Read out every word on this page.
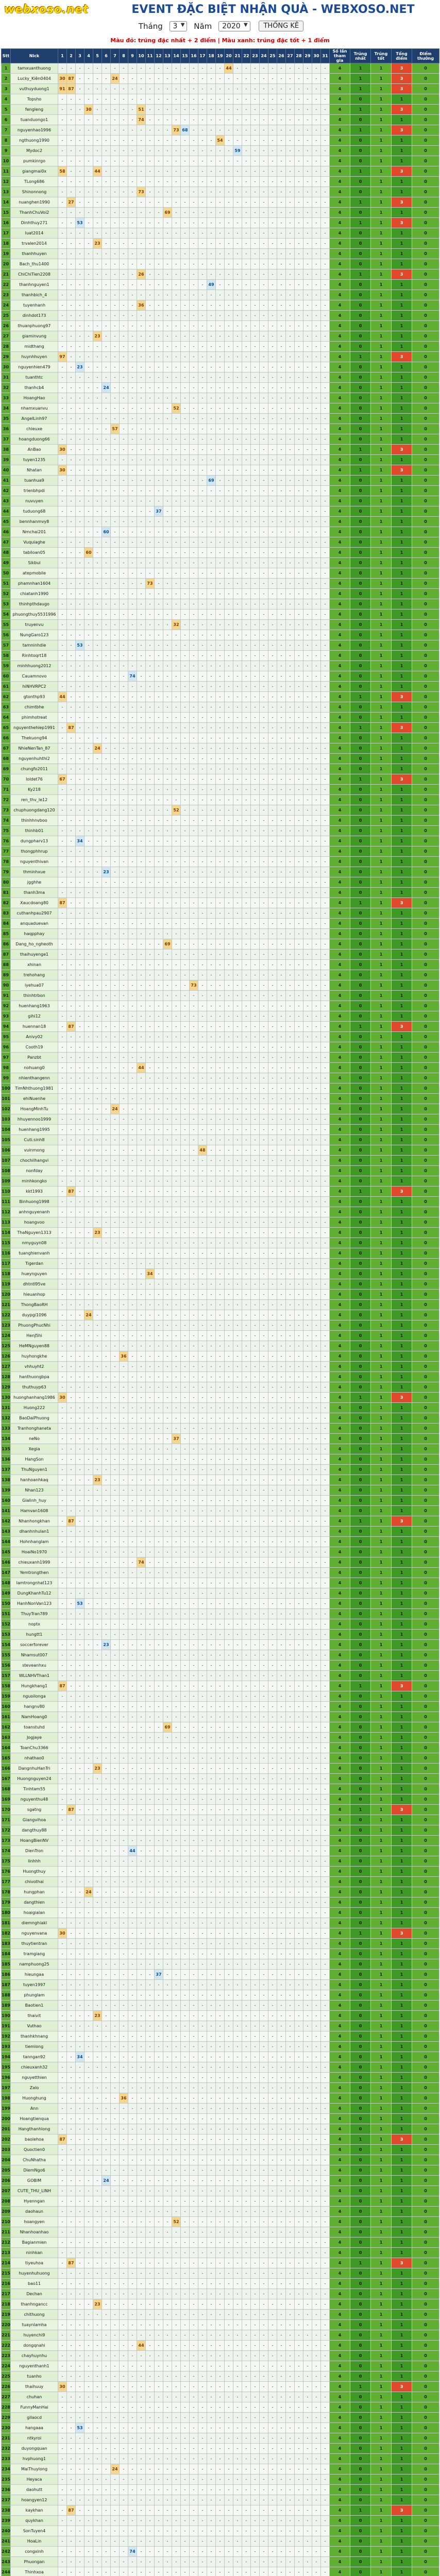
webxoso.net	EVENT ĐẶC BIỆT NHẬN QUÀ - WEBXOSO.NET
Tháng 3 ▼ Năm 2020 ▼ THỐNG KÊ
Màu đỏ: trúng đặc nhất + 2 điểm | Màu xanh: trúng đặc tốt + 1 điểm
Stt	Nick	1	2	3	4	5	6	7	8	9	10	11	12	13	14	15	16	17	18	19	20	21	22	23	24	25	26	27	28	29	30	31	Số lần tham gia	Trúng nhất	Trúng tốt	Tổng điểm	Điểm thưởng
1	tamxuanthuong	-	-	-	-	-	-	-	-	-	-	-	-	-	-	-	-	-	-	-	44	-	-	-	-	-	-	-	-	-	-	-	4	1	1	3	0
2	Lucky_Kiên0404	30	87	-	-	-	-	24	-	-	-	-	-	-	-	-	-	-	-	-	-	-	-	-	-	-	-	-	-	-	-	-	4	1	1	3	0
3	vuthuyduong1	91	87	-	-	-	-	-	-	-	-	-	-	-	-	-	-	-	-	-	-	-	-	-	-	-	-	-	-	-	-	-	4	1	1	3	0
4	Topsho	-	-	-	-	-	-	-	-	-	-	-	-	-	-	-	-	-	-	-	-	-	-	-	-	-	-	-	-	-	-	-	4	0	1	1	0
5	fengleng	-	-	-	30	-	-	-	-	-	51	-	-	-	-	-	-	-	-	-	-	-	-	-	-	-	-	-	-	-	-	-	4	1	1	3	0
6	tuanduongo1	-	-	-	-	-	-	-	-	-	74	-	-	-	-	-	-	-	-	-	-	-	-	-	-	-	-	-	-	-	-	-	4	0	1	1	0
7	nguyenhao1996	-	-	-	-	-	-	-	-	-	-	-	-	-	73	68	-	-	-	-	-	-	-	-	-	-	-	-	-	-	-	-	4	1	1	3	0
8	ngthuong1990	-	-	-	-	-	-	-	-	-	-	-	-	-	-	-	-	-	-	54	-	-	-	-	-	-	-	-	-	-	-	-	4	0	1	1	0
9	Mydoc2	-	-	-	-	-	-	-	-	-	-	-	-	-	-	-	-	-	-	-	-	59	-	-	-	-	-	-	-	-	-	-	4	0	1	1	0
10	pumkinrgo	-	-	-	-	-	-	-	-	-	-	-	-	-	-	-	-	-	-	-	-	-	-	-	-	-	-	-	-	-	-	-	4	0	1	1	0
11	giangmai0x	58	-	-	-	44	-	-	-	-	-	-	-	-	-	-	-	-	-	-	-	-	-	-	-	-	-	-	-	-	-	-	4	1	1	3	0
12	TLong686	-	-	-	-	-	-	-	-	-	-	-	-	-	-	-	-	-	-	-	-	-	-	-	-	-	-	-	-	-	-	-	4	0	1	1	0
13	Shinonnong	-	-	-	-	-	-	-	-	-	73	-	-	-	-	-	-	-	-	-	-	-	-	-	-	-	-	-	-	-	-	-	4	0	1	1	0
14	nuanghen1990	-	27	-	-	-	-	-	-	-	-	-	-	-	-	-	-	-	-	-	-	-	-	-	-	-	-	-	-	-	-	-	4	1	1	3	0
15	ThanhChuVoi2	-	-	-	-	-	-	-	-	-	-	-	-	69	-	-	-	-	-	-	-	-	-	-	-	-	-	-	-	-	-	-	4	0	1	1	0
16	Dinhthuy271	-	-	53	-	-	-	-	-	-	-	-	-	-	-	-	-	-	-	-	-	-	-	-	-	-	-	-	-	-	-	-	4	1	1	3	0
17	luat2014	-	-	-	-	-	-	-	-	-	-	-	-	-	-	-	-	-	-	-	-	-	-	-	-	-	-	-	-	-	-	-	4	0	1	1	0
18	trvalen2014	-	-	-	-	23	-	-	-	-	-	-	-	-	-	-	-	-	-	-	-	-	-	-	-	-	-	-	-	-	-	-	4	0	1	1	0
19	thanhhuyen	-	-	-	-	-	-	-	-	-	-	-	-	-	-	-	-	-	-	-	-	-	-	-	-	-	-	-	-	-	-	-	4	0	1	1	0
20	Bach_thu1400	-	-	-	-	-	-	-	-	-	-	-	-	-	-	-	-	-	-	-	-	-	-	-	-	-	-	-	-	-	-	-	4	0	1	1	0
21	ChiChiTien2208	-	-	-	-	-	-	-	-	-	26	-	-	-	-	-	-	-	-	-	-	-	-	-	-	-	-	-	-	-	-	-	4	1	1	3	0
22	thanhnguyen1	-	-	-	-	-	-	-	-	-	-	-	-	-	-	-	-	-	49	-	-	-	-	-	-	-	-	-	-	-	-	-	4	0	1	1	0
23	thanhbich_4	-	-	-	-	-	-	-	-	-	-	-	-	-	-	-	-	-	-	-	-	-	-	-	-	-	-	-	-	-	-	-	4	0	1	1	0
24	tuyenhanh	-	-	-	-	-	-	-	-	-	36	-	-	-	-	-	-	-	-	-	-	-	-	-	-	-	-	-	-	-	-	-	4	0	1	1	0
25	dinhdot173	-	-	-	-	-	-	-	-	-	-	-	-	-	-	-	-	-	-	-	-	-	-	-	-	-	-	-	-	-	-	-	4	0	1	1	0
26	thuanphuong97	-	-	-	-	-	-	-	-	-	-	-	-	-	-	-	-	-	-	-	-	-	-	-	-	-	-	-	-	-	-	-	4	0	1	1	0
27	giaminvung	-	-	-	-	23	-	-	-	-	-	-	-	-	-	-	-	-	-	-	-	-	-	-	-	-	-	-	-	-	-	-	4	0	1	1	0
28	midthang	-	-	-	-	-	-	-	-	-	-	-	-	-	-	-	-	-	-	-	-	-	-	-	-	-	-	-	-	-	-	-	4	0	1	1	0
29	huynhhuyen	97	-	-	-	-	-	-	-	-	-	-	-	-	-	-	-	-	-	-	-	-	-	-	-	-	-	-	-	-	-	-	4	1	1	3	0
30	nguyenhien479	-	-	23	-	-	-	-	-	-	-	-	-	-	-	-	-	-	-	-	-	-	-	-	-	-	-	-	-	-	-	-	4	0	1	1	0
31	tuanthtc	-	-	-	-	-	-	-	-	-	-	-	-	-	-	-	-	-	-	-	-	-	-	-	-	-	-	-	-	-	-	-	4	0	1	1	0
32	thanhcb4	-	-	-	-	-	24	-	-	-	-	-	-	-	-	-	-	-	-	-	-	-	-	-	-	-	-	-	-	-	-	-	4	0	1	1	0
33	HoangHao	-	-	-	-	-	-	-	-	-	-	-	-	-	-	-	-	-	-	-	-	-	-	-	-	-	-	-	-	-	-	-	4	0	1	1	0
34	nhamxuanvu	-	-	-	-	-	-	-	-	-	-	-	-	-	52	-	-	-	-	-	-	-	-	-	-	-	-	-	-	-	-	-	4	0	1	1	0
35	AngelLinh97	-	-	-	-	-	-	-	-	-	-	-	-	-	-	-	-	-	-	-	-	-	-	-	-	-	-	-	-	-	-	-	4	0	1	1	0
36	chieuxe	-	-	-	-	-	-	57	-	-	-	-	-	-	-	-	-	-	-	-	-	-	-	-	-	-	-	-	-	-	-	-	4	0	1	1	0
37	hoangduong66	-	-	-	-	-	-	-	-	-	-	-	-	-	-	-	-	-	-	-	-	-	-	-	-	-	-	-	-	-	-	-	4	0	1	1	0
38	AnBao	30	-	-	-	-	-	-	-	-	-	-	-	-	-	-	-	-	-	-	-	-	-	-	-	-	-	-	-	-	-	-	4	1	1	3	0
39	tuyen1235	-	-	-	-	-	-	-	-	-	-	-	-	-	-	-	-	-	-	-	-	-	-	-	-	-	-	-	-	-	-	-	4	0	1	1	0
40	Nhatan	30	-	-	-	-	-	-	-	-	-	-	-	-	-	-	-	-	-	-	-	-	-	-	-	-	-	-	-	-	-	-	4	1	1	3	0
41	tuanhua9	-	-	-	-	-	-	-	-	-	-	-	-	-	-	-	-	-	69	-	-	-	-	-	-	-	-	-	-	-	-	-	4	0	1	1	0
42	trienbhpdi	-	-	-	-	-	-	-	-	-	-	-	-	-	-	-	-	-	-	-	-	-	-	-	-	-	-	-	-	-	-	-	4	0	1	1	0
43	nuvuyen	-	-	-	-	-	-	-	-	-	-	-	-	-	-	-	-	-	-	-	-	-	-	-	-	-	-	-	-	-	-	-	4	0	1	1	0
44	tuduong68	-	-	-	-	-	-	-	-	-	-	-	37	-	-	-	-	-	-	-	-	-	-	-	-	-	-	-	-	-	-	-	4	0	1	1	0
45	bennhanmvy8	-	-	-	-	-	-	-	-	-	-	-	-	-	-	-	-	-	-	-	-	-	-	-	-	-	-	-	-	-	-	-	4	0	1	1	0
46	Nmchai201	-	-	-	-	-	60	-	-	-	-	-	-	-	-	-	-	-	-	-	-	-	-	-	-	-	-	-	-	-	-	-	4	0	1	1	0
47	Vuquiaghe	-	-	-	-	-	-	-	-	-	-	-	-	-	-	-	-	-	-	-	-	-	-	-	-	-	-	-	-	-	-	-	4	0	1	1	0
48	tabiloan05	-	-	-	60	-	-	-	-	-	-	-	-	-	-	-	-	-	-	-	-	-	-	-	-	-	-	-	-	-	-	-	4	0	1	1	0
49	Sikbui	-	-	-	-	-	-	-	-	-	-	-	-	-	-	-	-	-	-	-	-	-	-	-	-	-	-	-	-	-	-	-	4	0	1	1	0
50	atepmobile	-	-	-	-	-	-	-	-	-	-	-	-	-	-	-	-	-	-	-	-	-	-	-	-	-	-	-	-	-	-	-	4	0	1	1	0
51	phamnhan1604	-	-	-	-	-	-	-	-	-	-	73	-	-	-	-	-	-	-	-	-	-	-	-	-	-	-	-	-	-	-	-	4	0	1	1	0
52	chiatanh1990	-	-	-	-	-	-	-	-	-	-	-	-	-	-	-	-	-	-	-	-	-	-	-	-	-	-	-	-	-	-	-	4	0	1	1	0
53	thinhpthdaugo	-	-	-	-	-	-	-	-	-	-	-	-	-	-	-	-	-	-	-	-	-	-	-	-	-	-	-	-	-	-	-	4	0	1	1	0
54	phuongthuy5531996	-	-	-	-	-	-	-	-	-	-	-	-	-	-	-	-	-	-	-	-	-	-	-	-	-	-	-	-	-	-	-	4	0	1	1	0
55	truyenvu	-	-	-	-	-	-	-	-	-	-	-	-	-	32	-	-	-	-	-	-	-	-	-	-	-	-	-	-	-	-	-	4	0	1	1	0
56	NungGaro123	-	-	-	-	-	-	-	-	-	-	-	-	-	-	-	-	-	-	-	-	-	-	-	-	-	-	-	-	-	-	-	4	0	1	1	0
57	tamninhdie	-	-	53	-	-	-	-	-	-	-	-	-	-	-	-	-	-	-	-	-	-	-	-	-	-	-	-	-	-	-	-	4	0	1	1	0
58	Rinhtoqrt18	-	-	-	-	-	-	-	-	-	-	-	-	-	-	-	-	-	-	-	-	-	-	-	-	-	-	-	-	-	-	-	4	0	1	1	0
59	minhhuong2012	-	-	-	-	-	-	-	-	-	-	-	-	-	-	-	-	-	-	-	-	-	-	-	-	-	-	-	-	-	-	-	4	0	1	1	0
60	Cauamnovo	-	-	-	-	-	-	-	-	74	-	-	-	-	-	-	-	-	-	-	-	-	-	-	-	-	-	-	-	-	-	-	4	0	1	1	0
61	hiNHVRPC2	-	-	-	-	-	-	-	-	-	-	-	-	-	-	-	-	-	-	-	-	-	-	-	-	-	-	-	-	-	-	-	4	0	1	1	0
62	gtonthp93	44	-	-	-	-	-	-	-	-	-	-	-	-	-	-	-	-	-	-	-	-	-	-	-	-	-	-	-	-	-	-	4	1	1	3	0
63	chimtbhe	-	-	-	-	-	-	-	-	-	-	-	-	-	-	-	-	-	-	-	-	-	-	-	-	-	-	-	-	-	-	-	4	0	1	1	0
64	phimhotreat	-	-	-	-	-	-	-	-	-	-	-	-	-	-	-	-	-	-	-	-	-	-	-	-	-	-	-	-	-	-	-	4	0	1	1	0
65	nguyenthehiep1991	-	87	-	-	-	-	-	-	-	-	-	-	-	-	-	-	-	-	-	-	-	-	-	-	-	-	-	-	-	-	-	4	1	1	3	0
66	Thekuong94	-	-	-	-	-	-	-	-	-	-	-	-	-	-	-	-	-	-	-	-	-	-	-	-	-	-	-	-	-	-	-	4	0	1	1	0
67	NhieNenTan_87	-	-	-	-	24	-	-	-	-	-	-	-	-	-	-	-	-	-	-	-	-	-	-	-	-	-	-	-	-	-	-	4	0	1	1	0
68	nguyenhuhthi2	-	-	-	-	-	-	-	-	-	-	-	-	-	-	-	-	-	-	-	-	-	-	-	-	-	-	-	-	-	-	-	4	0	1	1	0
69	chungfo2011	-	-	-	-	-	-	-	-	-	-	-	-	-	-	-	-	-	-	-	-	-	-	-	-	-	-	-	-	-	-	-	4	0	1	1	0
70	loldet76	67	-	-	-	-	-	-	-	-	-	-	-	-	-	-	-	-	-	-	-	-	-	-	-	-	-	-	-	-	-	-	4	1	1	3	0
71	Ky218	-	-	-	-	-	-	-	-	-	-	-	-	-	-	-	-	-	-	-	-	-	-	-	-	-	-	-	-	-	-	-	4	0	1	1	0
72	ren_thv_le12	-	-	-	-	-	-	-	-	-	-	-	-	-	-	-	-	-	-	-	-	-	-	-	-	-	-	-	-	-	-	-	4	0	1	1	0
73	chuphuongdang120	-	-	-	-	-	-	-	-	-	-	-	-	-	52	-	-	-	-	-	-	-	-	-	-	-	-	-	-	-	-	-	4	0	1	1	0
74	thinhhnvboo	-	-	-	-	-	-	-	-	-	-	-	-	-	-	-	-	-	-	-	-	-	-	-	-	-	-	-	-	-	-	-	4	0	1	1	0
75	thinhb01	-	-	-	-	-	-	-	-	-	-	-	-	-	-	-	-	-	-	-	-	-	-	-	-	-	-	-	-	-	-	-	4	0	1	1	0
76	dungpharv13	-	-	34	-	-	-	-	-	-	-	-	-	-	-	-	-	-	-	-	-	-	-	-	-	-	-	-	-	-	-	-	4	0	1	1	0
77	thongphhrup	-	-	-	-	-	-	-	-	-	-	-	-	-	-	-	-	-	-	-	-	-	-	-	-	-	-	-	-	-	-	-	4	0	1	1	0
78	nguyenthivan	-	-	-	-	-	-	-	-	-	-	-	-	-	-	-	-	-	-	-	-	-	-	-	-	-	-	-	-	-	-	-	4	0	1	1	0
79	thminhxue	-	-	-	-	-	23	-	-	-	-	-	-	-	-	-	-	-	-	-	-	-	-	-	-	-	-	-	-	-	-	-	4	0	1	1	0
80	jgghhe	-	-	-	-	-	-	-	-	-	-	-	-	-	-	-	-	-	-	-	-	-	-	-	-	-	-	-	-	-	-	-	4	0	1	1	0
81	thanh3ma	-	-	-	-	-	-	-	-	-	-	-	-	-	-	-	-	-	-	-	-	-	-	-	-	-	-	-	-	-	-	-	4	0	1	1	0
82	Xaucdoang80	87	-	-	-	-	-	-	-	-	-	-	-	-	-	-	-	-	-	-	-	-	-	-	-	-	-	-	-	-	-	-	4	1	1	3	0
83	cuthanhpau2907	-	-	-	-	-	-	-	-	-	-	-	-	-	-	-	-	-	-	-	-	-	-	-	-	-	-	-	-	-	-	-	4	0	1	1	0
84	anquaduevan	-	-	-	-	-	-	-	-	-	-	-	-	-	-	-	-	-	-	-	-	-	-	-	-	-	-	-	-	-	-	-	4	0	1	1	0
85	haqpphay	-	-	-	-	-	-	-	-	-	-	-	-	-	-	-	-	-	-	-	-	-	-	-	-	-	-	-	-	-	-	-	4	0	1	1	0
86	Dang_ho_ngheoth	-	-	-	-	-	-	-	-	-	-	-	-	69	-	-	-	-	-	-	-	-	-	-	-	-	-	-	-	-	-	-	4	0	1	1	0
87	thaihuyenge1	-	-	-	-	-	-	-	-	-	-	-	-	-	-	-	-	-	-	-	-	-	-	-	-	-	-	-	-	-	-	-	4	0	1	1	0
88	xhinan	-	-	-	-	-	-	-	-	-	-	-	-	-	-	-	-	-	-	-	-	-	-	-	-	-	-	-	-	-	-	-	4	0	1	1	0
89	trehohang	-	-	-	-	-	-	-	-	-	-	-	-	-	-	-	-	-	-	-	-	-	-	-	-	-	-	-	-	-	-	-	4	0	1	1	0
90	iyehua07	-	-	-	-	-	-	-	-	-	-	-	-	-	-	-	73	-	-	-	-	-	-	-	-	-	-	-	-	-	-	-	4	0	1	1	0
91	thinhtrbon	-	-	-	-	-	-	-	-	-	-	-	-	-	-	-	-	-	-	-	-	-	-	-	-	-	-	-	-	-	-	-	4	0	1	1	0
92	huenhang1963	-	-	-	-	-	-	-	-	-	-	-	-	-	-	-	-	-	-	-	-	-	-	-	-	-	-	-	-	-	-	-	4	0	1	1	0
93	gihi12	-	-	-	-	-	-	-	-	-	-	-	-	-	-	-	-	-	-	-	-	-	-	-	-	-	-	-	-	-	-	-	4	0	1	1	0
94	huennan18	-	87	-	-	-	-	-	-	-	-	-	-	-	-	-	-	-	-	-	-	-	-	-	-	-	-	-	-	-	-	-	4	1	1	3	0
95	Anivy02	-	-	-	-	-	-	-	-	-	-	-	-	-	-	-	-	-	-	-	-	-	-	-	-	-	-	-	-	-	-	-	4	0	1	1	0
96	Cooth19	-	-	-	-	-	-	-	-	-	-	-	-	-	-	-	-	-	-	-	-	-	-	-	-	-	-	-	-	-	-	-	4	0	1	1	0
97	Panzbt	-	-	-	-	-	-	-	-	-	-	-	-	-	-	-	-	-	-	-	-	-	-	-	-	-	-	-	-	-	-	-	4	0	1	1	0
98	nohuang0	-	-	-	-	-	-	-	-	-	44	-	-	-	-	-	-	-	-	-	-	-	-	-	-	-	-	-	-	-	-	-	4	0	1	1	0
99	nhienthangenn	-	-	-	-	-	-	-	-	-	-	-	-	-	-	-	-	-	-	-	-	-	-	-	-	-	-	-	-	-	-	-	4	0	1	1	0
100	TimNhthuong1981	-	-	-	-	-	-	-	-	-	-	-	-	-	-	-	-	-	-	-	-	-	-	-	-	-	-	-	-	-	-	-	4	0	1	1	0
101	ehiNuenhe	-	-	-	-	-	-	-	-	-	-	-	-	-	-	-	-	-	-	-	-	-	-	-	-	-	-	-	-	-	-	-	4	0	1	1	0
102	HoangMinhTu	-	-	-	-	-	-	24	-	-	-	-	-	-	-	-	-	-	-	-	-	-	-	-	-	-	-	-	-	-	-	-	4	0	1	1	0
103	hhuyennoo1999	-	-	-	-	-	-	-	-	-	-	-	-	-	-	-	-	-	-	-	-	-	-	-	-	-	-	-	-	-	-	-	4	0	1	1	0
104	huenhang1995	-	-	-	-	-	-	-	-	-	-	-	-	-	-	-	-	-	-	-	-	-	-	-	-	-	-	-	-	-	-	-	4	0	1	1	0
105	Cuti.sinh8	-	-	-	-	-	-	-	-	-	-	-	-	-	-	-	-	-	-	-	-	-	-	-	-	-	-	-	-	-	-	-	4	0	1	1	0
106	vuinmong	-	-	-	-	-	-	-	-	-	-	-	-	-	-	-	-	48	-	-	-	-	-	-	-	-	-	-	-	-	-	-	4	0	1	1	0
107	chochilhangvi	-	-	-	-	-	-	-	-	-	-	-	-	-	-	-	-	-	-	-	-	-	-	-	-	-	-	-	-	-	-	-	4	0	1	1	0
108	nonfday	-	-	-	-	-	-	-	-	-	-	-	-	-	-	-	-	-	-	-	-	-	-	-	-	-	-	-	-	-	-	-	4	0	1	1	0
109	minhkongko	-	-	-	-	-	-	-	-	-	-	-	-	-	-	-	-	-	-	-	-	-	-	-	-	-	-	-	-	-	-	-	4	0	1	1	0
110	kkt1993	-	87	-	-	-	-	-	-	-	-	-	-	-	-	-	-	-	-	-	-	-	-	-	-	-	-	-	-	-	-	-	4	1	1	3	0
111	Binhuong1998	-	-	-	-	-	-	-	-	-	-	-	-	-	-	-	-	-	-	-	-	-	-	-	-	-	-	-	-	-	-	-	4	0	1	1	0
112	anhnguyenanh	-	-	-	-	-	-	-	-	-	-	-	-	-	-	-	-	-	-	-	-	-	-	-	-	-	-	-	-	-	-	-	4	0	1	1	0
113	hoangvoo	-	-	-	-	-	-	-	-	-	-	-	-	-	-	-	-	-	-	-	-	-	-	-	-	-	-	-	-	-	-	-	4	0	1	1	0
114	ThaNguyen1313	-	-	-	-	23	-	-	-	-	-	-	-	-	-	-	-	-	-	-	-	-	-	-	-	-	-	-	-	-	-	-	4	0	1	1	0
115	nmyguyn08	-	-	-	-	-	-	-	-	-	-	-	-	-	-	-	-	-	-	-	-	-	-	-	-	-	-	-	-	-	-	-	4	0	1	1	0
116	tuanghienvanh	-	-	-	-	-	-	-	-	-	-	-	-	-	-	-	-	-	-	-	-	-	-	-	-	-	-	-	-	-	-	-	4	0	1	1	0
117	Tigerdan	-	-	-	-	-	-	-	-	-	-	-	-	-	-	-	-	-	-	-	-	-	-	-	-	-	-	-	-	-	-	-	4	0	1	1	0
118	hueynguyen	-	-	-	-	-	-	-	-	-	-	34	-	-	-	-	-	-	-	-	-	-	-	-	-	-	-	-	-	-	-	-	4	0	1	1	0
119	dhtntl95ve	-	-	-	-	-	-	-	-	-	-	-	-	-	-	-	-	-	-	-	-	-	-	-	-	-	-	-	-	-	-	-	4	0	1	1	0
120	hieuanhop	-	-	-	-	-	-	-	-	-	-	-	-	-	-	-	-	-	-	-	-	-	-	-	-	-	-	-	-	-	-	-	4	0	1	1	0
121	ThongBaoRH	-	-	-	-	-	-	-	-	-	-	-	-	-	-	-	-	-	-	-	-	-	-	-	-	-	-	-	-	-	-	-	4	0	1	1	0
122	duypgi1096	-	-	-	24	-	-	-	-	-	-	-	-	-	-	-	-	-	-	-	-	-	-	-	-	-	-	-	-	-	-	-	4	0	1	1	0
123	PhuongPhucNhi	-	-	-	-	-	-	-	-	-	-	-	-	-	-	-	-	-	-	-	-	-	-	-	-	-	-	-	-	-	-	-	4	0	1	1	0
124	HenJ5hi	-	-	-	-	-	-	-	-	-	-	-	-	-	-	-	-	-	-	-	-	-	-	-	-	-	-	-	-	-	-	-	4	0	1	1	0
125	HeMNguyen88	-	-	-	-	-	-	-	-	-	-	-	-	-	-	-	-	-	-	-	-	-	-	-	-	-	-	-	-	-	-	-	4	0	1	1	0
126	huyhongkhe	-	-	-	-	-	-	-	36	-	-	-	-	-	-	-	-	-	-	-	-	-	-	-	-	-	-	-	-	-	-	-	4	0	1	1	0
127	vhhuyht2	-	-	-	-	-	-	-	-	-	-	-	-	-	-	-	-	-	-	-	-	-	-	-	-	-	-	-	-	-	-	-	4	0	1	1	0
128	hanthuongbpa	-	-	-	-	-	-	-	-	-	-	-	-	-	-	-	-	-	-	-	-	-	-	-	-	-	-	-	-	-	-	-	4	0	1	1	0
129	thuthuyp63	-	-	-	-	-	-	-	-	-	-	-	-	-	-	-	-	-	-	-	-	-	-	-	-	-	-	-	-	-	-	-	4	0	1	1	0
130	huonghanhang1986	30	-	-	-	-	-	-	-	-	-	-	-	-	-	-	-	-	-	-	-	-	-	-	-	-	-	-	-	-	-	-	4	1	1	3	0
131	Huong222	-	-	-	-	-	-	-	-	-	-	-	-	-	-	-	-	-	-	-	-	-	-	-	-	-	-	-	-	-	-	-	4	0	1	1	0
132	BaoDaiPhuong	-	-	-	-	-	-	-	-	-	-	-	-	-	-	-	-	-	-	-	-	-	-	-	-	-	-	-	-	-	-	-	4	0	1	1	0
133	Tranhonghaneta	-	-	-	-	-	-	-	-	-	-	-	-	-	-	-	-	-	-	-	-	-	-	-	-	-	-	-	-	-	-	-	4	0	1	1	0
134	neNo	-	-	-	-	-	-	-	-	-	-	-	-	-	37	-	-	-	-	-	-	-	-	-	-	-	-	-	-	-	-	-	4	0	1	1	0
135	Xegia	-	-	-	-	-	-	-	-	-	-	-	-	-	-	-	-	-	-	-	-	-	-	-	-	-	-	-	-	-	-	-	4	0	1	1	0
136	HangSon	-	-	-	-	-	-	-	-	-	-	-	-	-	-	-	-	-	-	-	-	-	-	-	-	-	-	-	-	-	-	-	4	0	1	1	0
137	ThuNguyen1	-	-	-	-	-	-	-	-	-	-	-	-	-	-	-	-	-	-	-	-	-	-	-	-	-	-	-	-	-	-	-	4	0	1	1	0
138	hanhoanhkaq	-	-	-	-	23	-	-	-	-	-	-	-	-	-	-	-	-	-	-	-	-	-	-	-	-	-	-	-	-	-	-	4	0	1	1	0
139	Nhan123	-	-	-	-	-	-	-	-	-	-	-	-	-	-	-	-	-	-	-	-	-	-	-	-	-	-	-	-	-	-	-	4	0	1	1	0
140	Gialinh_huy	-	-	-	-	-	-	-	-	-	-	-	-	-	-	-	-	-	-	-	-	-	-	-	-	-	-	-	-	-	-	-	4	0	1	1	0
141	Hamvan1608	-	-	-	-	-	-	-	-	-	-	-	-	-	-	-	-	-	-	-	-	-	-	-	-	-	-	-	-	-	-	-	4	0	1	1	0
142	Nhanhongkhan	-	87	-	-	-	-	-	-	-	-	-	-	-	-	-	-	-	-	-	-	-	-	-	-	-	-	-	-	-	-	-	4	1	1	3	0
143	dhanhnhulan1	-	-	-	-	-	-	-	-	-	-	-	-	-	-	-	-	-	-	-	-	-	-	-	-	-	-	-	-	-	-	-	4	0	1	1	0
144	Hohnhanglam	-	-	-	-	-	-	-	-	-	-	-	-	-	-	-	-	-	-	-	-	-	-	-	-	-	-	-	-	-	-	-	4	0	1	1	0
145	HoaiNo1970	-	-	-	-	-	-	-	-	-	-	-	-	-	-	-	-	-	-	-	-	-	-	-	-	-	-	-	-	-	-	-	4	0	1	1	0
146	chieuxanh1999	-	-	-	-	-	-	-	-	-	74	-	-	-	-	-	-	-	-	-	-	-	-	-	-	-	-	-	-	-	-	-	4	0	1	1	0
147	Yemtrongthen	-	-	-	-	-	-	-	-	-	-	-	-	-	-	-	-	-	-	-	-	-	-	-	-	-	-	-	-	-	-	-	4	0	1	1	0
148	lamtrongnhat123	-	-	-	-	-	-	-	-	-	-	-	-	-	-	-	-	-	-	-	-	-	-	-	-	-	-	-	-	-	-	-	4	0	1	1	0
149	DungKhanhTu12	-	-	-	-	-	-	-	-	-	-	-	-	-	-	-	-	-	-	-	-	-	-	-	-	-	-	-	-	-	-	-	4	0	1	1	0
150	HanhNonVan123	-	-	53	-	-	-	-	-	-	-	-	-	-	-	-	-	-	-	-	-	-	-	-	-	-	-	-	-	-	-	-	4	0	1	1	0
151	ThuyTran789	-	-	-	-	-	-	-	-	-	-	-	-	-	-	-	-	-	-	-	-	-	-	-	-	-	-	-	-	-	-	-	4	0	1	1	0
152	noptx	-	-	-	-	-	-	-	-	-	-	-	-	-	-	-	-	-	-	-	-	-	-	-	-	-	-	-	-	-	-	-	4	0	1	1	0
153	hungtt1	-	-	-	-	-	-	-	-	-	-	-	-	-	-	-	-	-	-	-	-	-	-	-	-	-	-	-	-	-	-	-	4	0	1	1	0
154	soccerforever	-	-	-	-	-	23	-	-	-	-	-	-	-	-	-	-	-	-	-	-	-	-	-	-	-	-	-	-	-	-	-	4	0	1	1	0
155	Nhamsut007	-	-	-	-	-	-	-	-	-	-	-	-	-	-	-	-	-	-	-	-	-	-	-	-	-	-	-	-	-	-	-	4	0	1	1	0
156	steveanhxu	-	-	-	-	-	-	-	-	-	-	-	-	-	-	-	-	-	-	-	-	-	-	-	-	-	-	-	-	-	-	-	4	0	1	1	0
157	WLLNHVThan1	-	-	-	-	-	-	-	-	-	-	-	-	-	-	-	-	-	-	-	-	-	-	-	-	-	-	-	-	-	-	-	4	0	1	1	0
158	Hungkhang1	87	-	-	-	-	-	-	-	-	-	-	-	-	-	-	-	-	-	-	-	-	-	-	-	-	-	-	-	-	-	-	4	1	1	3	0
159	nguoilonga	-	-	-	-	-	-	-	-	-	-	-	-	-	-	-	-	-	-	-	-	-	-	-	-	-	-	-	-	-	-	-	4	0	1	1	0
160	hangnv80	-	-	-	-	-	-	-	-	-	-	-	-	-	-	-	-	-	-	-	-	-	-	-	-	-	-	-	-	-	-	-	4	0	1	1	0
161	NamHoang0	-	-	-	-	-	-	-	-	-	-	-	-	-	-	-	-	-	-	-	-	-	-	-	-	-	-	-	-	-	-	-	4	0	1	1	0
162	toanstuhd	-	-	-	-	-	-	-	-	-	-	-	-	69	-	-	-	-	-	-	-	-	-	-	-	-	-	-	-	-	-	-	4	0	1	1	0
163	Jogjaye	-	-	-	-	-	-	-	-	-	-	-	-	-	-	-	-	-	-	-	-	-	-	-	-	-	-	-	-	-	-	-	4	0	1	1	0
164	ToanChu3366	-	-	-	-	-	-	-	-	-	-	-	-	-	-	-	-	-	-	-	-	-	-	-	-	-	-	-	-	-	-	-	4	0	1	1	0
165	nhathao0	-	-	-	-	-	-	-	-	-	-	-	-	-	-	-	-	-	-	-	-	-	-	-	-	-	-	-	-	-	-	-	4	0	1	1	0
166	DangnhuHanTri	-	-	-	-	23	-	-	-	-	-	-	-	-	-	-	-	-	-	-	-	-	-	-	-	-	-	-	-	-	-	-	4	0	1	1	0
167	Huongnguyen24	-	-	-	-	-	-	-	-	-	-	-	-	-	-	-	-	-	-	-	-	-	-	-	-	-	-	-	-	-	-	-	4	0	1	1	0
168	Tinhtam55	-	-	-	-	-	-	-	-	-	-	-	-	-	-	-	-	-	-	-	-	-	-	-	-	-	-	-	-	-	-	-	4	0	1	1	0
169	nguyenthu48	-	-	-	-	-	-	-	-	-	-	-	-	-	-	-	-	-	-	-	-	-	-	-	-	-	-	-	-	-	-	-	4	0	1	1	0
170	sgatng	-	87	-	-	-	-	-	-	-	-	-	-	-	-	-	-	-	-	-	-	-	-	-	-	-	-	-	-	-	-	-	4	1	1	3	0
171	Giangvihoa	-	-	-	-	-	-	-	-	-	-	-	-	-	-	-	-	-	-	-	-	-	-	-	-	-	-	-	-	-	-	-	4	0	1	1	0
172	dangthuy88	-	-	-	-	-	-	-	-	-	-	-	-	-	-	-	-	-	-	-	-	-	-	-	-	-	-	-	-	-	-	-	4	0	1	1	0
173	HoangBienNV	-	-	-	-	-	-	-	-	-	-	-	-	-	-	-	-	-	-	-	-	-	-	-	-	-	-	-	-	-	-	-	4	0	1	1	0
174	DienTron	-	-	-	-	-	-	-	-	44	-	-	-	-	-	-	-	-	-	-	-	-	-	-	-	-	-	-	-	-	-	-	4	0	1	1	0
175	linhhh	-	-	-	-	-	-	-	-	-	-	-	-	-	-	-	-	-	-	-	-	-	-	-	-	-	-	-	-	-	-	-	4	0	1	1	0
176	Huongthuy	-	-	-	-	-	-	-	-	-	-	-	-	-	-	-	-	-	-	-	-	-	-	-	-	-	-	-	-	-	-	-	4	0	1	1	0
177	chivothai	-	-	-	-	-	-	-	-	-	-	-	-	-	-	-	-	-	-	-	-	-	-	-	-	-	-	-	-	-	-	-	4	0	1	1	0
178	hungphan	-	-	-	24	-	-	-	-	-	-	-	-	-	-	-	-	-	-	-	-	-	-	-	-	-	-	-	-	-	-	-	4	0	1	1	0
179	dangthien	-	-	-	-	-	-	-	-	-	-	-	-	-	-	-	-	-	-	-	-	-	-	-	-	-	-	-	-	-	-	-	4	0	1	1	0
180	hoaigialan	-	-	-	-	-	-	-	-	-	-	-	-	-	-	-	-	-	-	-	-	-	-	-	-	-	-	-	-	-	-	-	4	0	1	1	0
181	diemnghiakl	-	-	-	-	-	-	-	-	-	-	-	-	-	-	-	-	-	-	-	-	-	-	-	-	-	-	-	-	-	-	-	4	0	1	1	0
182	nguyenvana	30	-	-	-	-	-	-	-	-	-	-	-	-	-	-	-	-	-	-	-	-	-	-	-	-	-	-	-	-	-	-	4	1	1	3	0
183	thuytientran	-	-	-	-	-	-	-	-	-	-	-	-	-	-	-	-	-	-	-	-	-	-	-	-	-	-	-	-	-	-	-	4	0	1	1	0
184	tramgiang	-	-	-	-	-	-	-	-	-	-	-	-	-	-	-	-	-	-	-	-	-	-	-	-	-	-	-	-	-	-	-	4	0	1	1	0
185	namphuong25	-	-	-	-	-	-	-	-	-	-	-	-	-	-	-	-	-	-	-	-	-	-	-	-	-	-	-	-	-	-	-	4	0	1	1	0
186	hieungaa	-	-	-	-	-	-	-	-	-	-	-	37	-	-	-	-	-	-	-	-	-	-	-	-	-	-	-	-	-	-	-	4	0	1	1	0
187	tuyen1997	-	-	-	-	-	-	-	-	-	-	-	-	-	-	-	-	-	-	-	-	-	-	-	-	-	-	-	-	-	-	-	4	0	1	1	0
188	phunglam	-	-	-	-	-	-	-	-	-	-	-	-	-	-	-	-	-	-	-	-	-	-	-	-	-	-	-	-	-	-	-	4	0	1	1	0
189	Baotien1	-	-	-	-	-	-	-	-	-	-	-	-	-	-	-	-	-	-	-	-	-	-	-	-	-	-	-	-	-	-	-	4	0	1	1	0
190	thaivit	-	-	-	-	23	-	-	-	-	-	-	-	-	-	-	-	-	-	-	-	-	-	-	-	-	-	-	-	-	-	-	4	0	1	1	0
191	Vuthao	-	-	-	-	-	-	-	-	-	-	-	-	-	-	-	-	-	-	-	-	-	-	-	-	-	-	-	-	-	-	-	4	0	1	1	0
192	thanhkhnang	-	-	-	-	-	-	-	-	-	-	-	-	-	-	-	-	-	-	-	-	-	-	-	-	-	-	-	-	-	-	-	4	0	1	1	0
193	tiemlong	-	-	-	-	-	-	-	-	-	-	-	-	-	-	-	-	-	-	-	-	-	-	-	-	-	-	-	-	-	-	-	4	0	1	1	0
194	tanngan92	-	-	34	-	-	-	-	-	-	-	-	-	-	-	-	-	-	-	-	-	-	-	-	-	-	-	-	-	-	-	-	4	0	1	1	0
195	chieuxanh32	-	-	-	-	-	-	-	-	-	-	-	-	-	-	-	-	-	-	-	-	-	-	-	-	-	-	-	-	-	-	-	4	0	1	1	0
196	nguyetthien	-	-	-	-	-	-	-	-	-	-	-	-	-	-	-	-	-	-	-	-	-	-	-	-	-	-	-	-	-	-	-	4	0	1	1	0
197	Zalo	-	-	-	-	-	-	-	-	-	-	-	-	-	-	-	-	-	-	-	-	-	-	-	-	-	-	-	-	-	-	-	4	0	1	1	0
198	Huonghung	-	-	-	-	-	-	-	36	-	-	-	-	-	-	-	-	-	-	-	-	-	-	-	-	-	-	-	-	-	-	-	4	0	1	1	0
199	Ann	-	-	-	-	-	-	-	-	-	-	-	-	-	-	-	-	-	-	-	-	-	-	-	-	-	-	-	-	-	-	-	4	0	1	1	0
200	Hoangtienqua	-	-	-	-	-	-	-	-	-	-	-	-	-	-	-	-	-	-	-	-	-	-	-	-	-	-	-	-	-	-	-	4	0	1	1	0
201	Hangthanhlong	-	-	-	-	-	-	-	-	-	-	-	-	-	-	-	-	-	-	-	-	-	-	-	-	-	-	-	-	-	-	-	4	0	1	1	0
202	baolehoa	87	-	-	-	-	-	-	-	-	-	-	-	-	-	-	-	-	-	-	-	-	-	-	-	-	-	-	-	-	-	-	4	1	1	3	0
203	Quoctien0	-	-	-	-	-	-	-	-	-	-	-	-	-	-	-	-	-	-	-	-	-	-	-	-	-	-	-	-	-	-	-	4	0	1	1	0
204	ChuNhatha	-	-	-	-	-	-	-	-	-	-	-	-	-	-	-	-	-	-	-	-	-	-	-	-	-	-	-	-	-	-	-	4	0	1	1	0
205	DiemNgo6	-	-	-	-	-	-	-	-	-	-	-	-	-	-	-	-	-	-	-	-	-	-	-	-	-	-	-	-	-	-	-	4	0	1	1	0
206	GOBIM	-	-	-	-	-	24	-	-	-	-	-	-	-	-	-	-	-	-	-	-	-	-	-	-	-	-	-	-	-	-	-	4	0	1	1	0
207	CUTE_THU_LINH	-	-	-	-	-	-	-	-	-	-	-	-	-	-	-	-	-	-	-	-	-	-	-	-	-	-	-	-	-	-	-	4	0	1	1	0
208	Hyenngan	-	-	-	-	-	-	-	-	-	-	-	-	-	-	-	-	-	-	-	-	-	-	-	-	-	-	-	-	-	-	-	4	0	1	1	0
209	daohaun	-	-	-	-	-	-	-	-	-	-	-	-	-	-	-	-	-	-	-	-	-	-	-	-	-	-	-	-	-	-	-	4	0	1	1	0
210	hoangyen	-	-	-	-	-	-	-	-	-	-	-	-	-	52	-	-	-	-	-	-	-	-	-	-	-	-	-	-	-	-	-	4	0	1	1	0
211	Nhanhoanhao	-	-	-	-	-	-	-	-	-	-	-	-	-	-	-	-	-	-	-	-	-	-	-	-	-	-	-	-	-	-	-	4	0	1	1	0
212	Bagianmien	-	-	-	-	-	-	-	-	-	-	-	-	-	-	-	-	-	-	-	-	-	-	-	-	-	-	-	-	-	-	-	4	0	1	1	0
213	ninhkan	-	-	-	-	-	-	-	-	-	-	-	-	-	-	-	-	-	-	-	-	-	-	-	-	-	-	-	-	-	-	-	4	0	1	1	0
214	tiyeuhoa	-	87	-	-	-	-	-	-	-	-	-	-	-	-	-	-	-	-	-	-	-	-	-	-	-	-	-	-	-	-	-	4	1	1	3	0
215	huyenhuhuong	-	-	-	-	-	-	-	-	-	-	-	-	-	-	-	-	-	-	-	-	-	-	-	-	-	-	-	-	-	-	-	4	0	1	1	0
216	bao11	-	-	-	-	-	-	-	-	-	-	-	-	-	-	-	-	-	-	-	-	-	-	-	-	-	-	-	-	-	-	-	4	0	1	1	0
217	Dechan	-	-	-	-	-	-	-	-	-	-	-	-	-	-	-	-	-	-	-	-	-	-	-	-	-	-	-	-	-	-	-	4	0	1	1	0
218	thanhngancc	-	-	-	-	23	-	-	-	-	-	-	-	-	-	-	-	-	-	-	-	-	-	-	-	-	-	-	-	-	-	-	4	0	1	1	0
219	chithuong	-	-	-	-	-	-	-	-	-	-	-	-	-	-	-	-	-	-	-	-	-	-	-	-	-	-	-	-	-	-	-	4	0	1	1	0
220	tuaynlamha	-	-	-	-	-	-	-	-	-	-	-	-	-	-	-	-	-	-	-	-	-	-	-	-	-	-	-	-	-	-	-	4	0	1	1	0
221	huyenchi9	-	-	-	-	-	-	-	-	-	-	-	-	-	-	-	-	-	-	-	-	-	-	-	-	-	-	-	-	-	-	-	4	0	1	1	0
222	dongqnahi	-	-	-	-	-	-	-	-	-	44	-	-	-	-	-	-	-	-	-	-	-	-	-	-	-	-	-	-	-	-	-	4	0	1	1	0
223	chayhuynhu	-	-	-	-	-	-	-	-	-	-	-	-	-	-	-	-	-	-	-	-	-	-	-	-	-	-	-	-	-	-	-	4	0	1	1	0
224	nguyenthanh1	-	-	-	-	-	-	-	-	-	-	-	-	-	-	-	-	-	-	-	-	-	-	-	-	-	-	-	-	-	-	-	4	0	1	1	0
225	tuanho	-	-	-	-	-	-	-	-	-	-	-	-	-	-	-	-	-	-	-	-	-	-	-	-	-	-	-	-	-	-	-	4	0	1	1	0
226	thaihuuy	30	-	-	-	-	-	-	-	-	-	-	-	-	-	-	-	-	-	-	-	-	-	-	-	-	-	-	-	-	-	-	4	1	1	3	0
227	chuhan	-	-	-	-	-	-	-	-	-	-	-	-	-	-	-	-	-	-	-	-	-	-	-	-	-	-	-	-	-	-	-	4	0	1	1	0
228	FunnyManHai	-	-	-	-	-	-	-	-	-	-	-	-	-	-	-	-	-	-	-	-	-	-	-	-	-	-	-	-	-	-	-	4	0	1	1	0
229	gilaocd	-	-	-	-	-	-	-	-	-	-	-	-	-	-	-	-	-	-	-	-	-	-	-	-	-	-	-	-	-	-	-	4	0	1	1	0
230	hangaaa	-	-	53	-	-	-	-	-	-	-	-	-	-	-	-	-	-	-	-	-	-	-	-	-	-	-	-	-	-	-	-	4	0	1	1	0
231	ntkyroi	-	-	-	-	-	-	-	-	-	-	-	-	-	-	-	-	-	-	-	-	-	-	-	-	-	-	-	-	-	-	-	4	0	1	1	0
232	duyongquan	-	-	-	-	-	-	-	-	-	-	-	-	-	-	-	-	-	-	-	-	-	-	-	-	-	-	-	-	-	-	-	4	0	1	1	0
233	hvphuong1	-	-	-	-	-	-	-	-	-	-	-	-	-	-	-	-	-	-	-	-	-	-	-	-	-	-	-	-	-	-	-	4	0	1	1	0
234	MaiThuylong	-	-	-	-	-	-	24	-	-	-	-	-	-	-	-	-	-	-	-	-	-	-	-	-	-	-	-	-	-	-	-	4	0	1	1	0
235	Heyaca	-	-	-	-	-	-	-	-	-	-	-	-	-	-	-	-	-	-	-	-	-	-	-	-	-	-	-	-	-	-	-	4	0	1	1	0
236	daohutt	-	-	-	-	-	-	-	-	-	-	-	-	-	-	-	-	-	-	-	-	-	-	-	-	-	-	-	-	-	-	-	4	0	1	1	0
237	hoangyen12	-	-	-	-	-	-	-	-	-	-	-	-	-	-	-	-	-	-	-	-	-	-	-	-	-	-	-	-	-	-	-	4	0	1	1	0
238	kaykhan	-	87	-	-	-	-	-	-	-	-	-	-	-	-	-	-	-	-	-	-	-	-	-	-	-	-	-	-	-	-	-	4	1	1	3	0
239	quykhan	-	-	-	-	-	-	-	-	-	-	-	-	-	-	-	-	-	-	-	-	-	-	-	-	-	-	-	-	-	-	-	4	0	1	1	0
240	SonTuyen4	-	-	-	-	-	-	-	-	-	-	-	-	-	-	-	-	-	-	-	-	-	-	-	-	-	-	-	-	-	-	-	4	0	1	1	0
241	HoaLin	-	-	-	-	-	-	-	-	-	-	-	-	-	-	-	-	-	-	-	-	-	-	-	-	-	-	-	-	-	-	-	4	0	1	1	0
242	congxinh	-	-	-	-	-	-	-	-	74	-	-	-	-	-	-	-	-	-	-	-	-	-	-	-	-	-	-	-	-	-	-	4	0	1	1	0
243	Phuongan	-	-	-	-	-	-	-	-	-	-	-	-	-	-	-	-	-	-	-	-	-	-	-	-	-	-	-	-	-	-	-	4	0	1	1	0
244	Thinhxoa	-	-	-	-	-	-	-	-	-	-	-	-	-	-	-	-	-	-	-	-	-	-	-	-	-	-	-	-	-	-	-	4	0	1	1	0
